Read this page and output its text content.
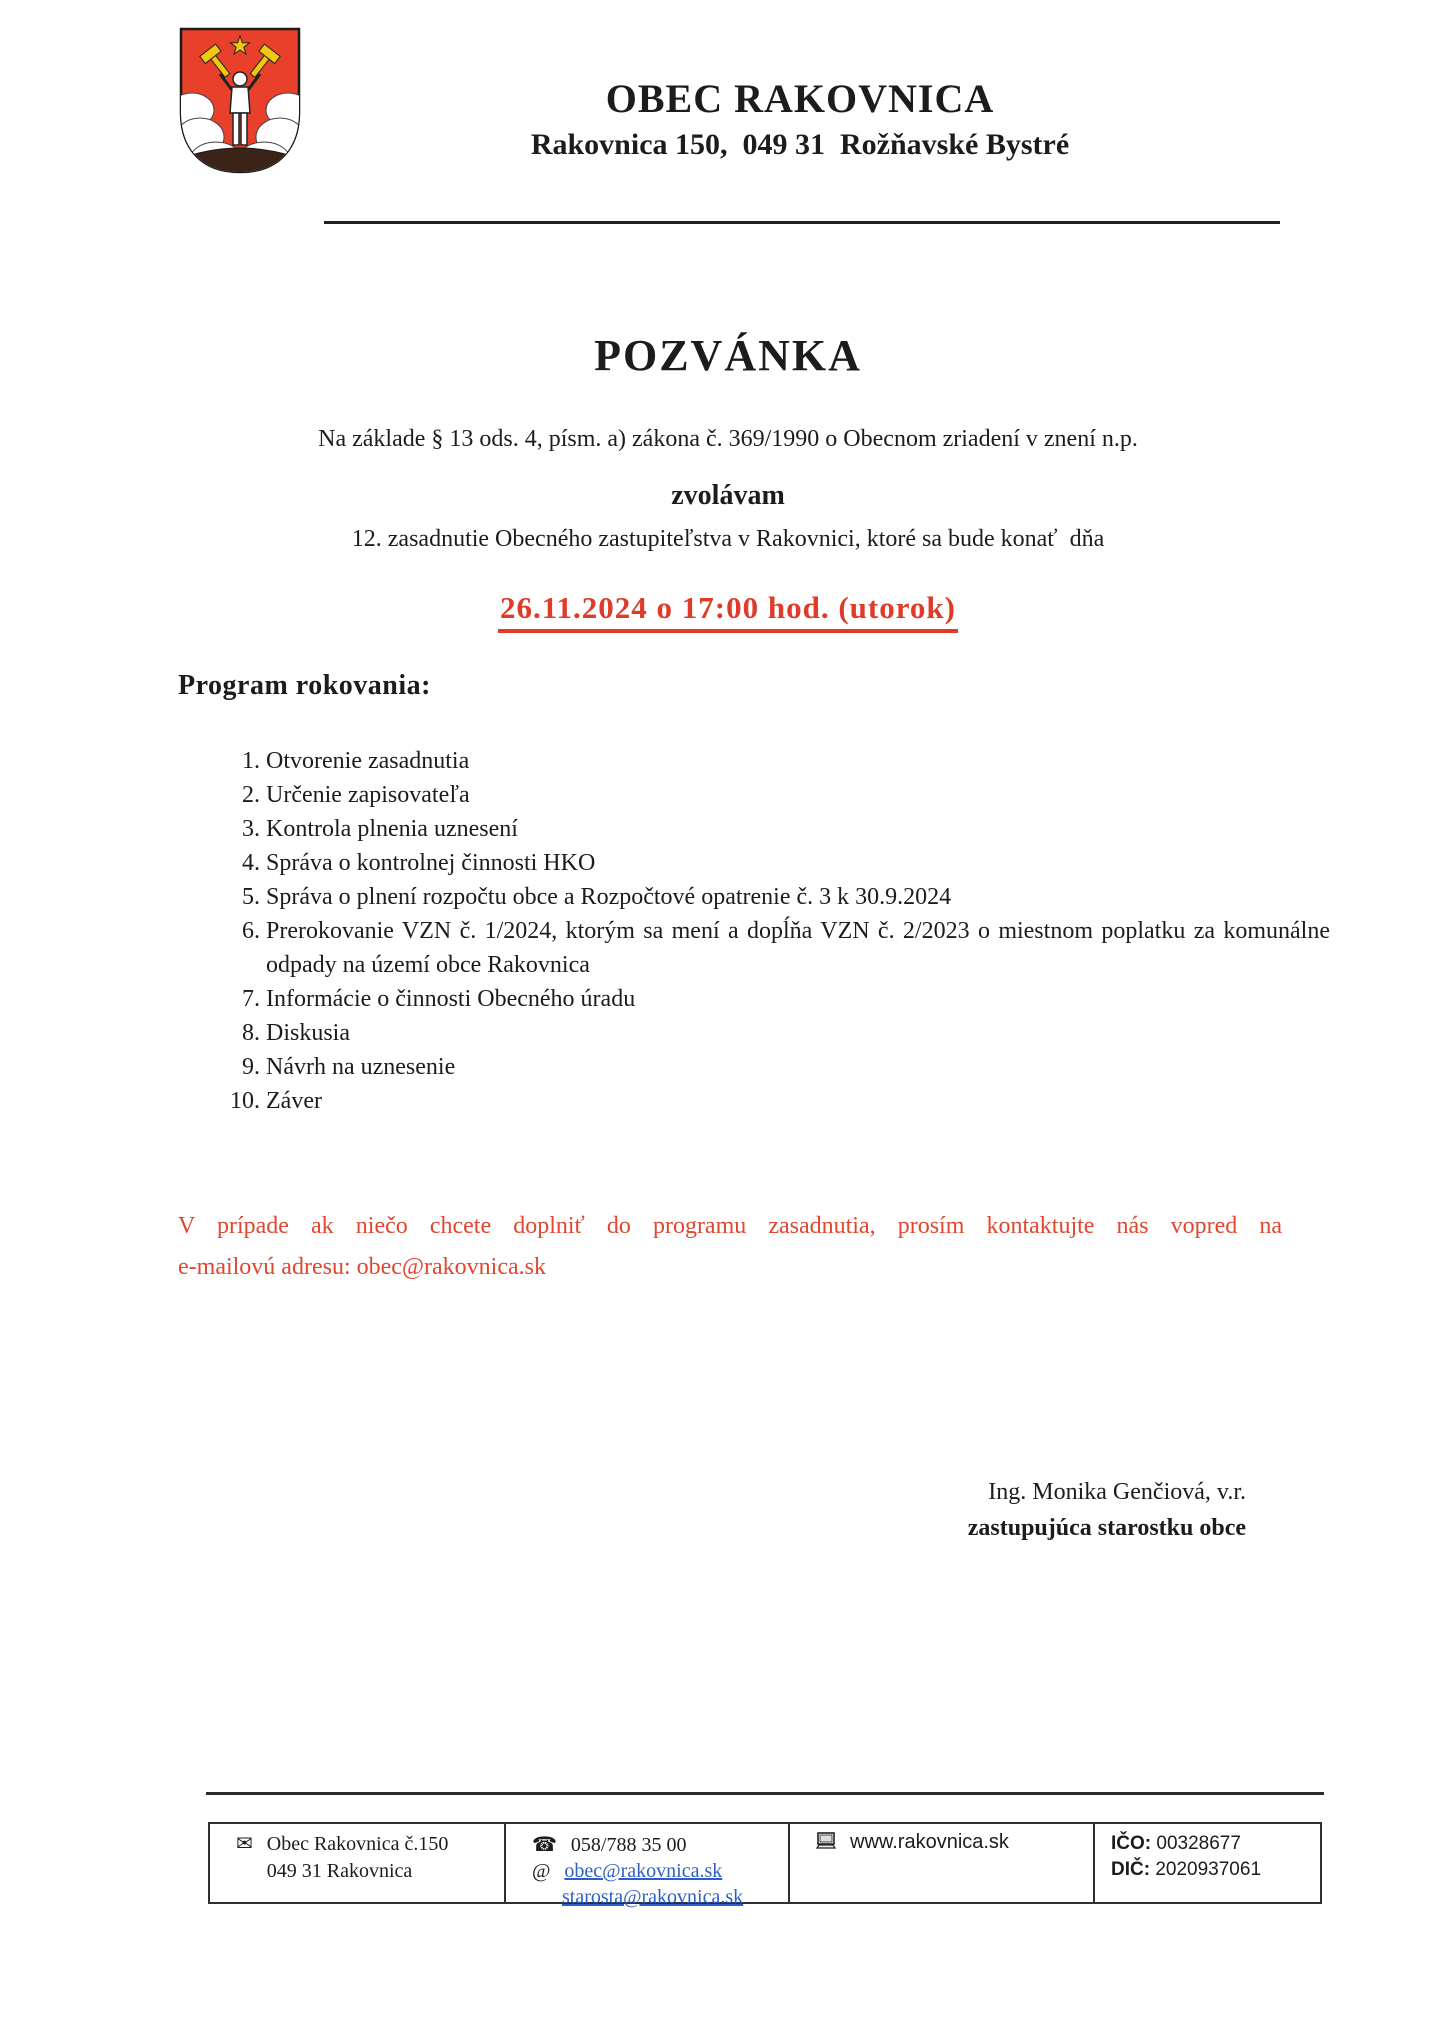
OBEC RAKOVNICA
Rakovnica 150,  049 31  Rožňavské Bystré
POZVÁNKA
Na základe § 13 ods. 4, písm. a) zákona č. 369/1990 o Obecnom zriadení v znení n.p.
zvolávam
12. zasadnutie Obecného zastupiteľstva v Rakovnici, ktoré sa bude konať  dňa
26.11.2024 o 17:00 hod. (utorok)
Program rokovania:
1. Otvorenie zasadnutia
2. Určenie zapisovateľa
3. Kontrola plnenia uznesení
4. Správa o kontrolnej činnosti HKO
5. Správa o plnení rozpočtu obce a Rozpočtové opatrenie č. 3 k 30.9.2024
6. Prerokovanie VZN č. 1/2024, ktorým sa mení a dopĺňa VZN č. 2/2023 o miestnom poplatku za komunálne odpady na území obce Rakovnica
7. Informácie o činnosti Obecného úradu
8. Diskusia
9. Návrh na uznesenie
10. Záver
V prípade ak niečo chcete doplniť do programu zasadnutia, prosím kontaktujte nás vopred na
e-mailovú adresu: obec@rakovnica.sk
Ing. Monika Genčiová, v.r.
zastupujúca starostku obce
✉ Obec Rakovnica č.150
049 31 Rakovnica
☎ 058/788 35 00
@ obec@rakovnica.sk
starosta@rakovnica.sk
www.rakovnica.sk	IČO: 00328677
DIČ: 2020937061
